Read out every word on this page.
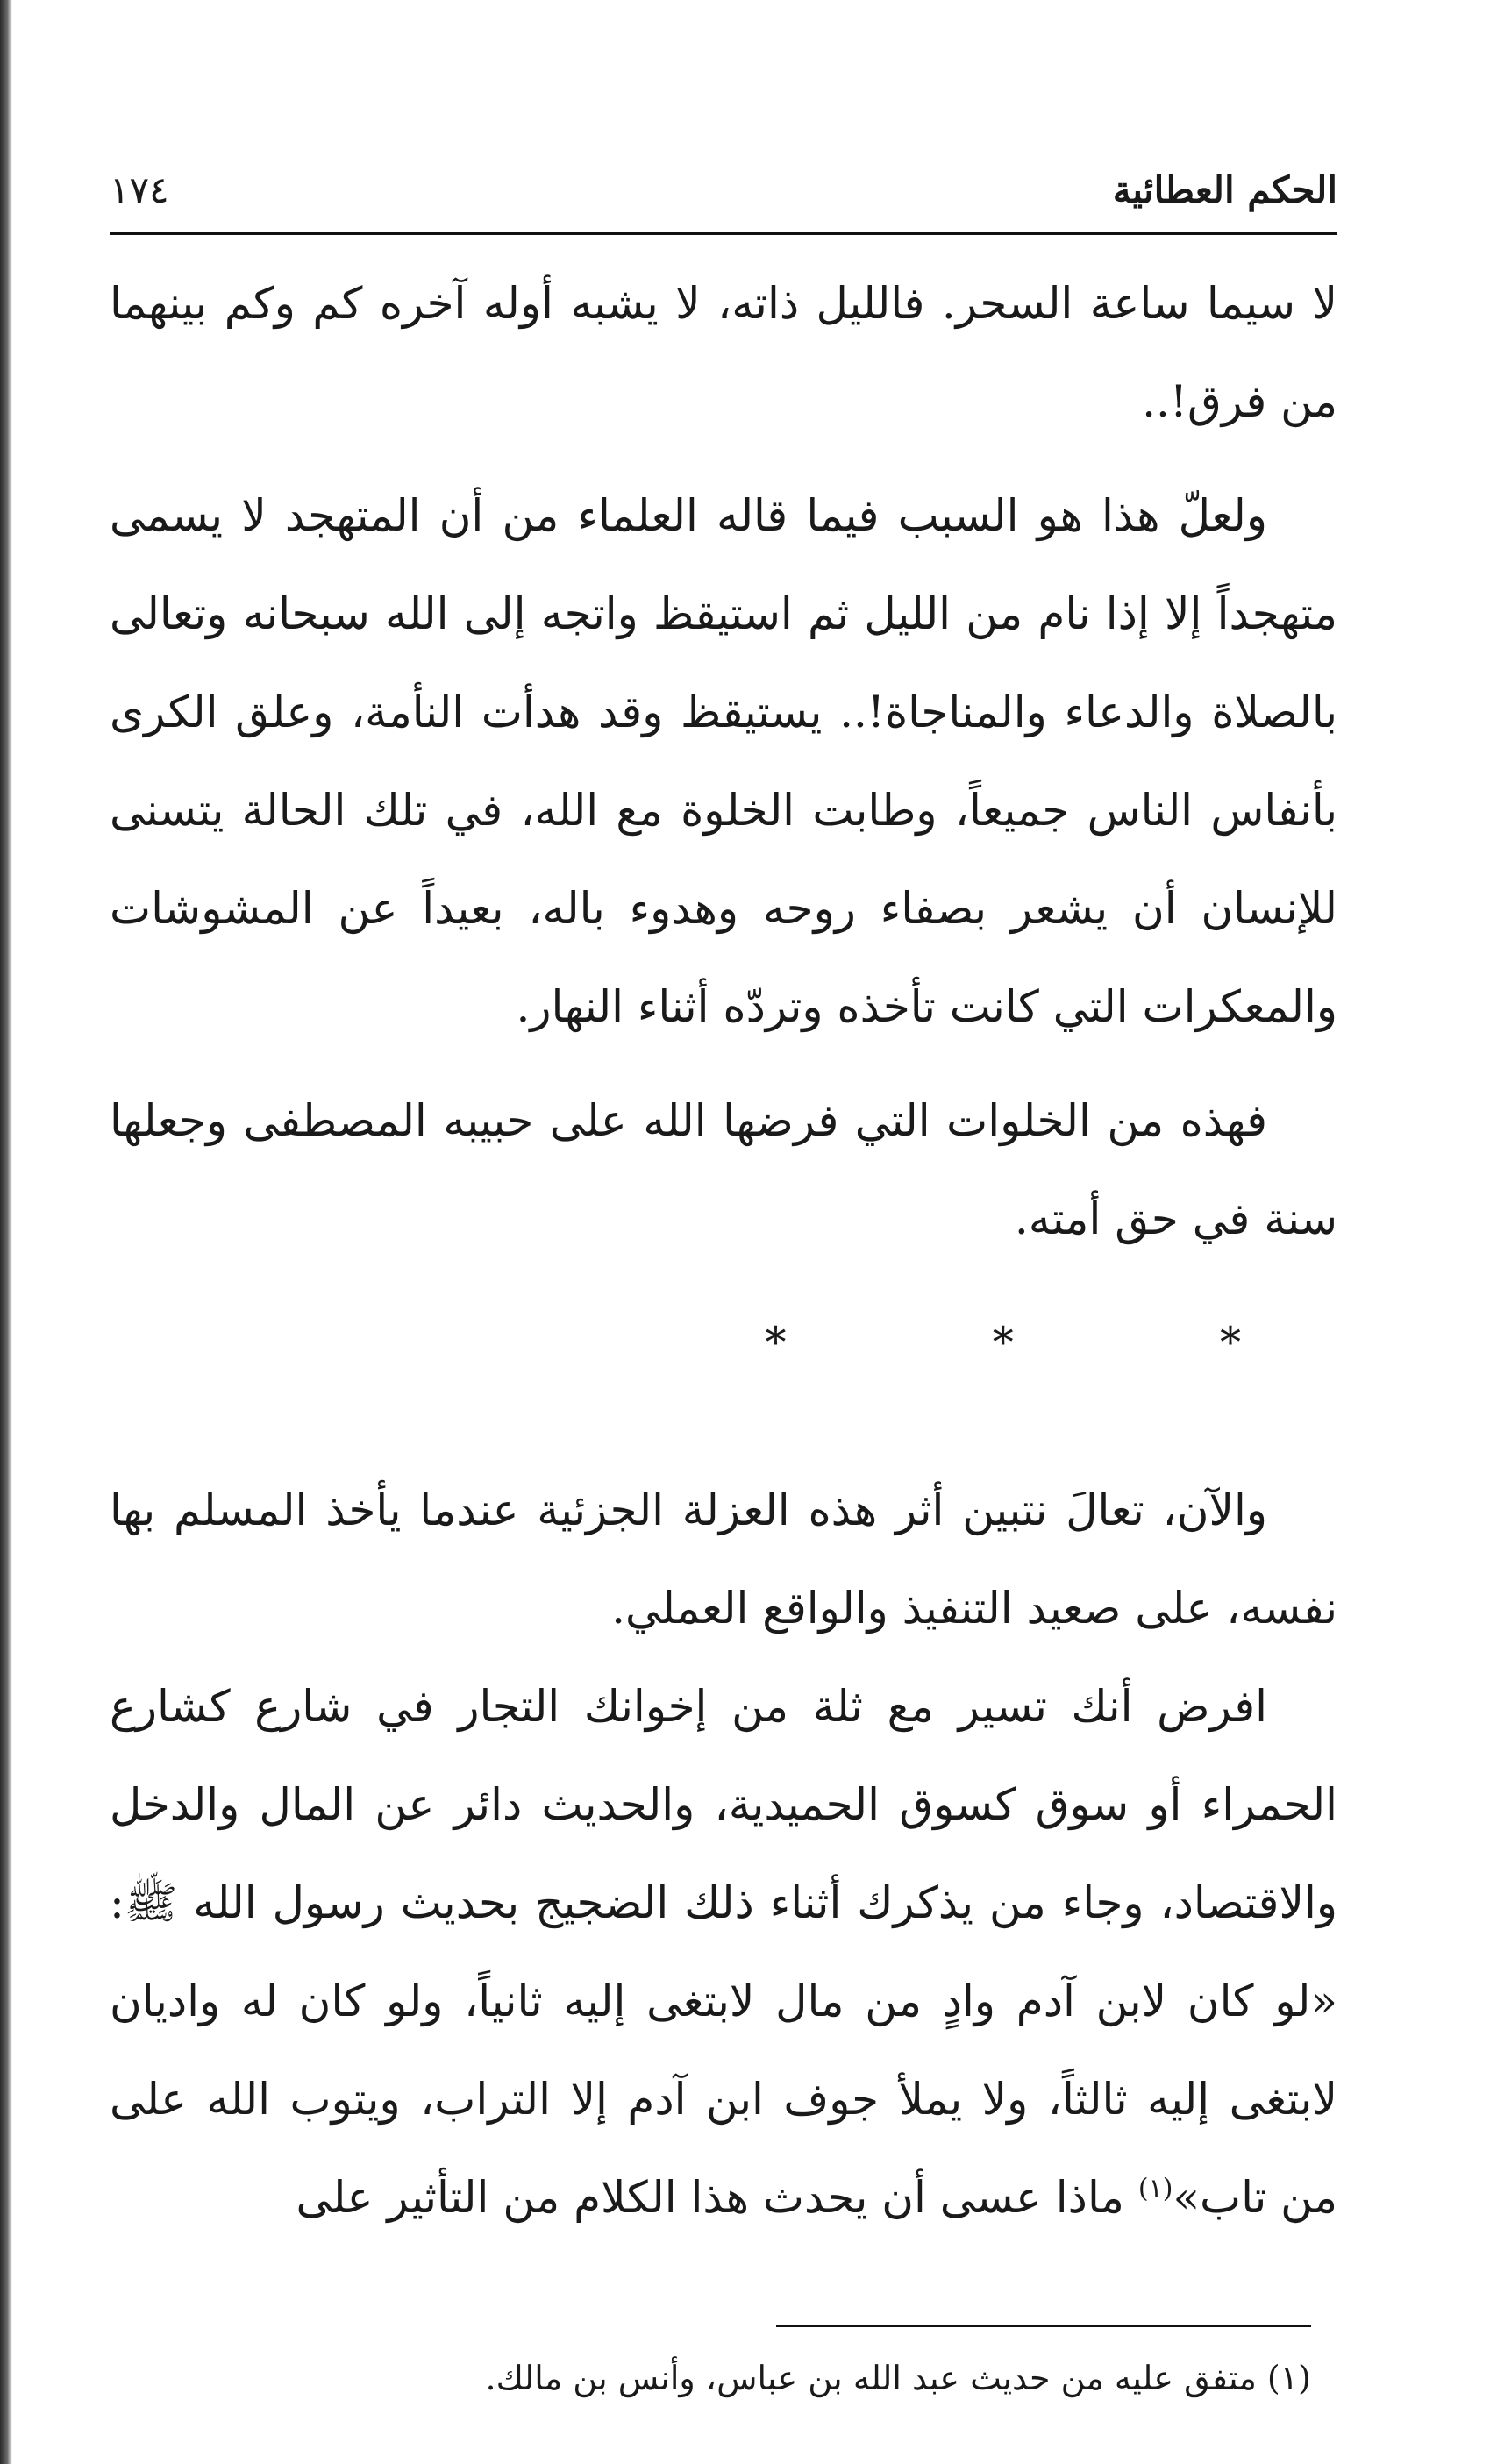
الحكم العطائية
١٧٤

لا سيما ساعة السحر. فالليل ذاته، لا يشبه أوله آخره كم وكم بينهما من فرق!..

ولعلّ هذا هو السبب فيما قاله العلماء من أن المتهجد لا يسمى متهجداً إلا إذا نام من الليل ثم استيقظ واتجه إلى الله سبحانه وتعالى بالصلاة والدعاء والمناجاة!.. يستيقظ وقد هدأت النأمة، وعلق الكرى بأنفاس الناس جميعاً، وطابت الخلوة مع الله، في تلك الحالة يتسنى للإنسان أن يشعر بصفاء روحه وهدوء باله، بعيداً عن المشوشات والمعكرات التي كانت تأخذه وتردّه أثناء النهار.

فهذه من الخلوات التي فرضها الله على حبيبه المصطفى وجعلها سنة في حق أمته.

* * *

والآن، تعالَ نتبين أثر هذه العزلة الجزئية عندما يأخذ المسلم بها نفسه، على صعيد التنفيذ والواقع العملي.

افرض أنك تسير مع ثلة من إخوانك التجار في شارع كشارع الحمراء أو سوق كسوق الحميدية، والحديث دائر عن المال والدخل والاقتصاد، وجاء من يذكرك أثناء ذلك الضجيج بحديث رسول الله ﷺ: «لو كان لابن آدم وادٍ من مال لابتغى إليه ثانياً، ولو كان له واديان لابتغى إليه ثالثاً، ولا يملأ جوف ابن آدم إلا التراب، ويتوب الله على من تاب»$^{(١)}$ ماذا عسى أن يحدث هذا الكلام من التأثير على

(١) متفق عليه من حديث عبد الله بن عباس، وأنس بن مالك.
